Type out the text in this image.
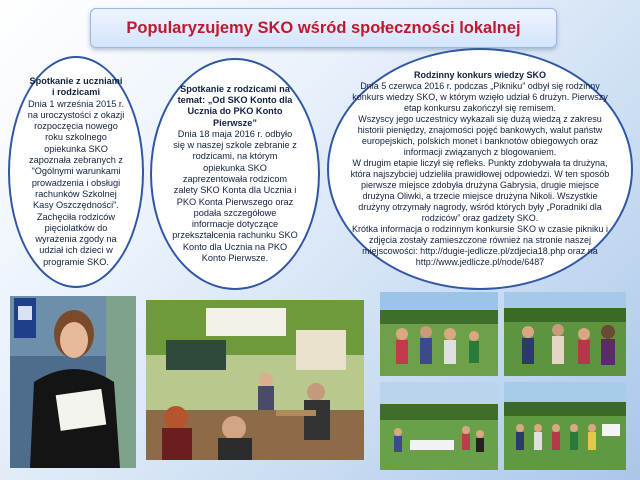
Popularyzujemy SKO wśród społeczności lokalnej

Spotkanie z uczniami

i rodzicami

Dnia 1 września 2015 r. na uroczystości z okazji rozpoczęcia nowego roku szkolnego opiekunka SKO zapoznała zebranych z "Ogólnymi warunkami prowadzenia i obsługi rachunków Szkolnej Kasy Oszczędności". Zachęciła rodziców pięciolatków do wyrażenia zgody na udział ich dzieci w programie SKO.

Spotkanie z rodzicami na temat: „Od SKO Konto dla Ucznia do PKO Konto Pierwsze”

Dnia 18 maja 2016 r. odbyło się w naszej szkole zebranie z rodzicami, na którym opiekunka SKO zaprezentowała rodzicom zalety SKO Konta dla Ucznia i PKO Konta Pierwszego oraz podała szczegółowe informacje dotyczące przekształcenia rachunku SKO Konto dla Ucznia na PKO Konto Pierwsze.

Rodzinny konkurs wiedzy SKO

Dnia 5 czerwca 2016 r. podczas „Pikniku” odbył się rodzinny konkurs wiedzy SKO, w którym wzięło udział 6 drużyn. Pierwszy etap konkursu zakończył się remisem.

Wszyscy jego uczestnicy wykazali się dużą wiedzą z zakresu historii pieniędzy, znajomości pojęć bankowych, walut państw europejskich, polskich monet i banknotów obiegowych oraz informacji związanych z blogowaniem.

W drugim etapie liczył się refleks. Punkty zdobywała ta drużyna, która najszybciej udzieliła prawidłowej odpowiedzi. W ten sposób pierwsze miejsce zdobyła drużyna Gabrysia, drugie miejsce drużyna Oliwki, a trzecie miejsce drużyna Nikoli. Wszystkie drużyny otrzymały nagrody, wśród których były „Poradniki dla rodziców” oraz gadżety SKO.

Krótka informacja o rodzinnym konkursie SKO w czasie pikniku i zdjęcia zostały zamieszczone również na stronie naszej mięjscowości: http://dugie-jedlicze.pl/zdjecia18.php oraz na http://www.jedlicze.pl/node/6487
